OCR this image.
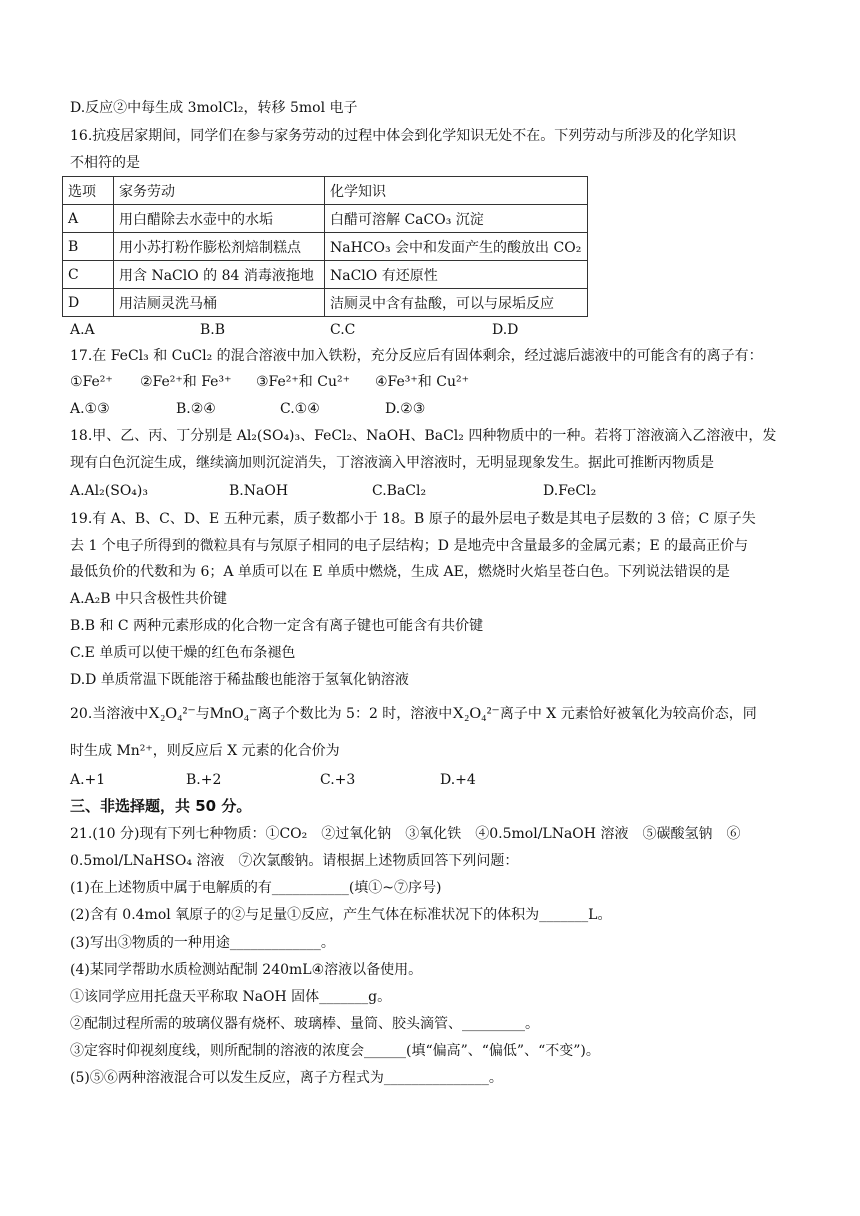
D.反应②中每生成 3molCl₂，转移 5mol 电子
16.抗疫居家期间，同学们在参与家务劳动的过程中体会到化学知识无处不在。下列劳动与所涉及的化学知识
不相符的是
选项	家务劳动	化学知识
A	用白醋除去水壶中的水垢	白醋可溶解 CaCO₃ 沉淀
B	用小苏打粉作膨松剂焙制糕点	NaHCO₃ 会中和发面产生的酸放出 CO₂
C	用含 NaClO 的 84 消毒液拖地	NaClO 有还原性
D	用洁厕灵洗马桶	洁厕灵中含有盐酸，可以与尿垢反应
A.A	B.B	C.C	D.D
17.在 FeCl₃ 和 CuCl₂ 的混合溶液中加入铁粉，充分反应后有固体剩余，经过滤后滤液中的可能含有的离子有：
①Fe²⁺ ②Fe²⁺和 Fe³⁺ ③Fe²⁺和 Cu²⁺ ④Fe³⁺和 Cu²⁺
A.①③	B.②④	C.①④	D.②③
18.甲、乙、丙、丁分别是 Al₂(SO₄)₃、FeCl₂、NaOH、BaCl₂ 四种物质中的一种。若将丁溶液滴入乙溶液中，发
现有白色沉淀生成，继续滴加则沉淀消失，丁溶液滴入甲溶液时，无明显现象发生。据此可推断丙物质是
A.Al₂(SO₄)₃	B.NaOH	C.BaCl₂	D.FeCl₂
19.有 A、B、C、D、E 五种元素，质子数都小于 18。B 原子的最外层电子数是其电子层数的 3 倍；C 原子失
去 1 个电子所得到的微粒具有与氖原子相同的电子层结构；D 是地壳中含量最多的金属元素；E 的最高正价与
最低负价的代数和为 6；A 单质可以在 E 单质中燃烧，生成 AE，燃烧时火焰呈苍白色。下列说法错误的是
A.A₂B 中只含极性共价键
B.B 和 C 两种元素形成的化合物一定含有离子键也可能含有共价键
C.E 单质可以使干燥的红色布条褪色
D.D 单质常温下既能溶于稀盐酸也能溶于氢氧化钠溶液
20.当溶液中X₂O₄²⁻与MnO₄⁻离子个数比为 5：2 时，溶液中X₂O₄²⁻离子中 X 元素恰好被氧化为较高价态，同
时生成 Mn²⁺，则反应后 X 元素的化合价为
A.+1	B.+2	C.+3	D.+4
三、非选择题，共 50 分。
21.(10 分)现有下列七种物质：①CO₂　②过氧化钠　③氧化铁　④0.5mol/LNaOH 溶液　⑤碳酸氢钠　⑥
0.5mol/LNaHSO₄ 溶液　⑦次氯酸钠。请根据上述物质回答下列问题：
(1)在上述物质中属于电解质的有___________(填①~⑦序号)
(2)含有 0.4mol 氧原子的②与足量①反应，产生气体在标准状况下的体积为_______L。
(3)写出③物质的一种用途_____________。
(4)某同学帮助水质检测站配制 240mL④溶液以备使用。
①该同学应用托盘天平称取 NaOH 固体_______g。
②配制过程所需的玻璃仪器有烧杯、玻璃棒、量筒、胶头滴管、_________。
③定容时仰视刻度线，则所配制的溶液的浓度会______(填“偏高”、“偏低”、“不变”)。
(5)⑤⑥两种溶液混合可以发生反应，离子方程式为_______________。
